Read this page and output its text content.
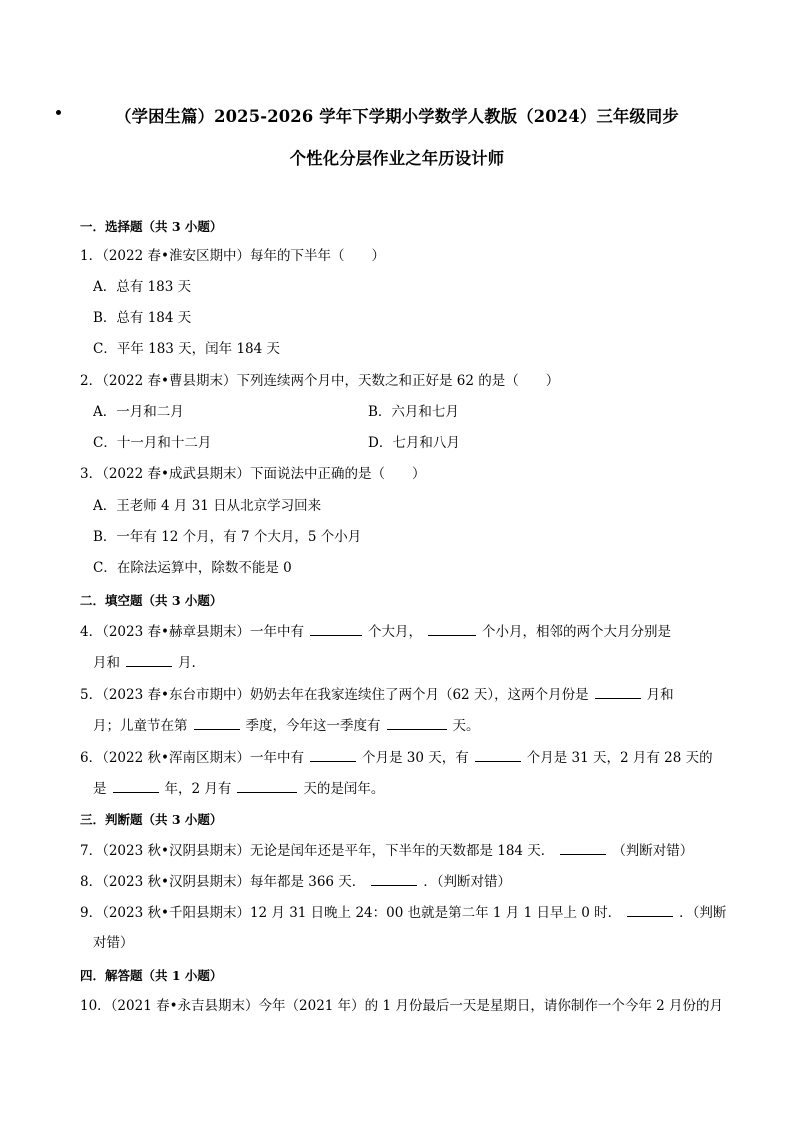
（学困生篇）2025-2026 学年下学期小学数学人教版（2024）三年级同步
个性化分层作业之年历设计师
一．选择题（共 3 小题）
1．（2022 春•淮安区期中）每年的下半年（　　）
A．总有 183 天
B．总有 184 天
C．平年 183 天，闰年 184 天
2．（2022 春•曹县期末）下列连续两个月中，天数之和正好是 62 的是（　　）
A．一月和二月	B．六月和七月
C．十一月和十二月	D．七月和八月
3．（2022 春•成武县期末）下面说法中正确的是（　　）
A．王老师 4 月 31 日从北京学习回来
B．一年有 12 个月，有 7 个大月，5 个小月
C．在除法运算中，除数不能是 0
二．填空题（共 3 小题）
4．（2023 春•赫章县期末）一年中有	个大月，	个小月，相邻的两个大月分别是
月和	月.
5．（2023 春•东台市期中）奶奶去年在我家连续住了两个月（62 天），这两个月份是	月和
月；儿童节在第	季度，今年这一季度有	天。
6．（2022 秋•浑南区期末）一年中有	个月是 30 天，有	个月是 31 天，2 月有 28 天的
是	年，2 月有	天的是闰年。
三．判断题（共 3 小题）
7．（2023 秋•汉阴县期末）无论是闰年还是平年，下半年的天数都是 184 天．	（判断对错）
8．（2023 秋•汉阴县期末）每年都是 366 天．	．（判断对错）
9．（2023 秋•千阳县期末）12 月 31 日晚上 24：00 也就是第二年 1 月 1 日早上 0 时．	．（判断
对错）
四．解答题（共 1 小题）
10．（2021 春•永吉县期末）今年（2021 年）的 1 月份最后一天是星期日，请你制作一个今年 2 月份的月
